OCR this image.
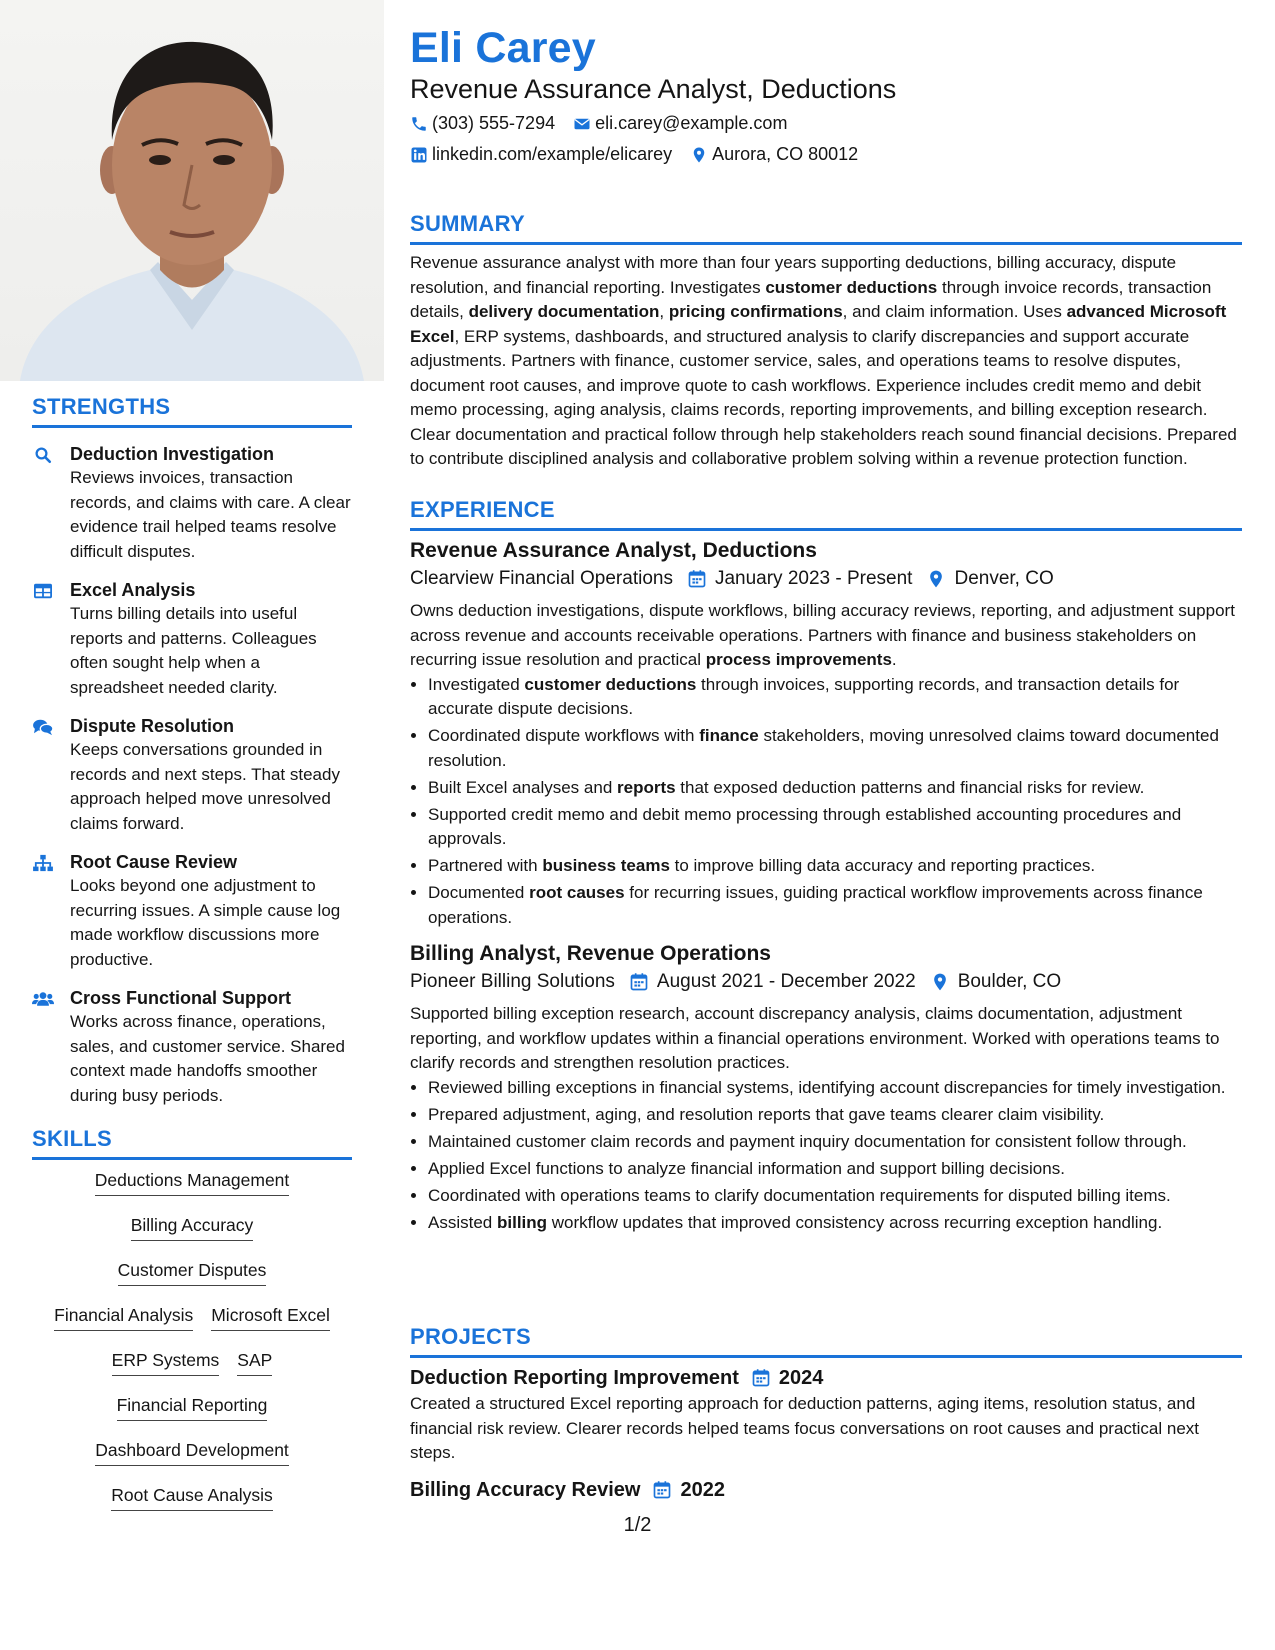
STRENGTHS
Deduction Investigation
Reviews invoices, transaction records, and claims with care. A clear evidence trail helped teams resolve difficult disputes.
Excel Analysis
Turns billing details into useful reports and patterns. Colleagues often sought help when a spreadsheet needed clarity.
Dispute Resolution
Keeps conversations grounded in records and next steps. That steady approach helped move unresolved claims forward.
Root Cause Review
Looks beyond one adjustment to recurring issues. A simple cause log made workflow discussions more productive.
Cross Functional Support
Works across finance, operations, sales, and customer service. Shared context made handoffs smoother during busy periods.
SKILLS
Deductions Management
Billing Accuracy
Customer Disputes
Financial Analysis Microsoft Excel
ERP Systems SAP
Financial Reporting
Dashboard Development
Root Cause Analysis
Eli Carey
Revenue Assurance Analyst, Deductions
(303) 555-7294 eli.carey@example.com
linkedin.com/example/elicarey Aurora, CO 80012
SUMMARY

Revenue assurance analyst with more than four years supporting deductions, billing accuracy, dispute resolution, and financial reporting. Investigates customer deductions through invoice records, transaction details, delivery documentation, pricing confirmations, and claim information. Uses advanced Microsoft Excel, ERP systems, dashboards, and structured analysis to clarify discrepancies and support accurate adjustments. Partners with finance, customer service, sales, and operations teams to resolve disputes, document root causes, and improve quote to cash workflows. Experience includes credit memo and debit memo processing, aging analysis, claims records, reporting improvements, and billing exception research. Clear documentation and practical follow through help stakeholders reach sound financial decisions. Prepared to contribute disciplined analysis and collaborative problem solving within a revenue protection function.

EXPERIENCE
Revenue Assurance Analyst, Deductions
Clearview Financial Operations January 2023 - Present Denver, CO

Owns deduction investigations, dispute workflows, billing accuracy reviews, reporting, and adjustment support across revenue and accounts receivable operations. Partners with finance and business stakeholders on recurring issue resolution and practical process improvements.

• Investigated customer deductions through invoices, supporting records, and transaction details for accurate dispute decisions.
• Coordinated dispute workflows with finance stakeholders, moving unresolved claims toward documented resolution.
• Built Excel analyses and reports that exposed deduction patterns and financial risks for review.
• Supported credit memo and debit memo processing through established accounting procedures and approvals.
• Partnered with business teams to improve billing data accuracy and reporting practices.
• Documented root causes for recurring issues, guiding practical workflow improvements across finance operations.
Billing Analyst, Revenue Operations
Pioneer Billing Solutions August 2021 - December 2022 Boulder, CO

Supported billing exception research, account discrepancy analysis, claims documentation, adjustment reporting, and workflow updates within a financial operations environment. Worked with operations teams to clarify records and strengthen resolution practices.

• Reviewed billing exceptions in financial systems, identifying account discrepancies for timely investigation.
• Prepared adjustment, aging, and resolution reports that gave teams clearer claim visibility.
• Maintained customer claim records and payment inquiry documentation for consistent follow through.
• Applied Excel functions to analyze financial information and support billing decisions.
• Coordinated with operations teams to clarify documentation requirements for disputed billing items.
• Assisted billing workflow updates that improved consistency across recurring exception handling.
PROJECTS
Deduction Reporting Improvement 2024

Created a structured Excel reporting approach for deduction patterns, aging items, resolution status, and financial risk review. Clearer records helped teams focus conversations on root causes and practical next steps.

Billing Accuracy Review 2022
1/2
